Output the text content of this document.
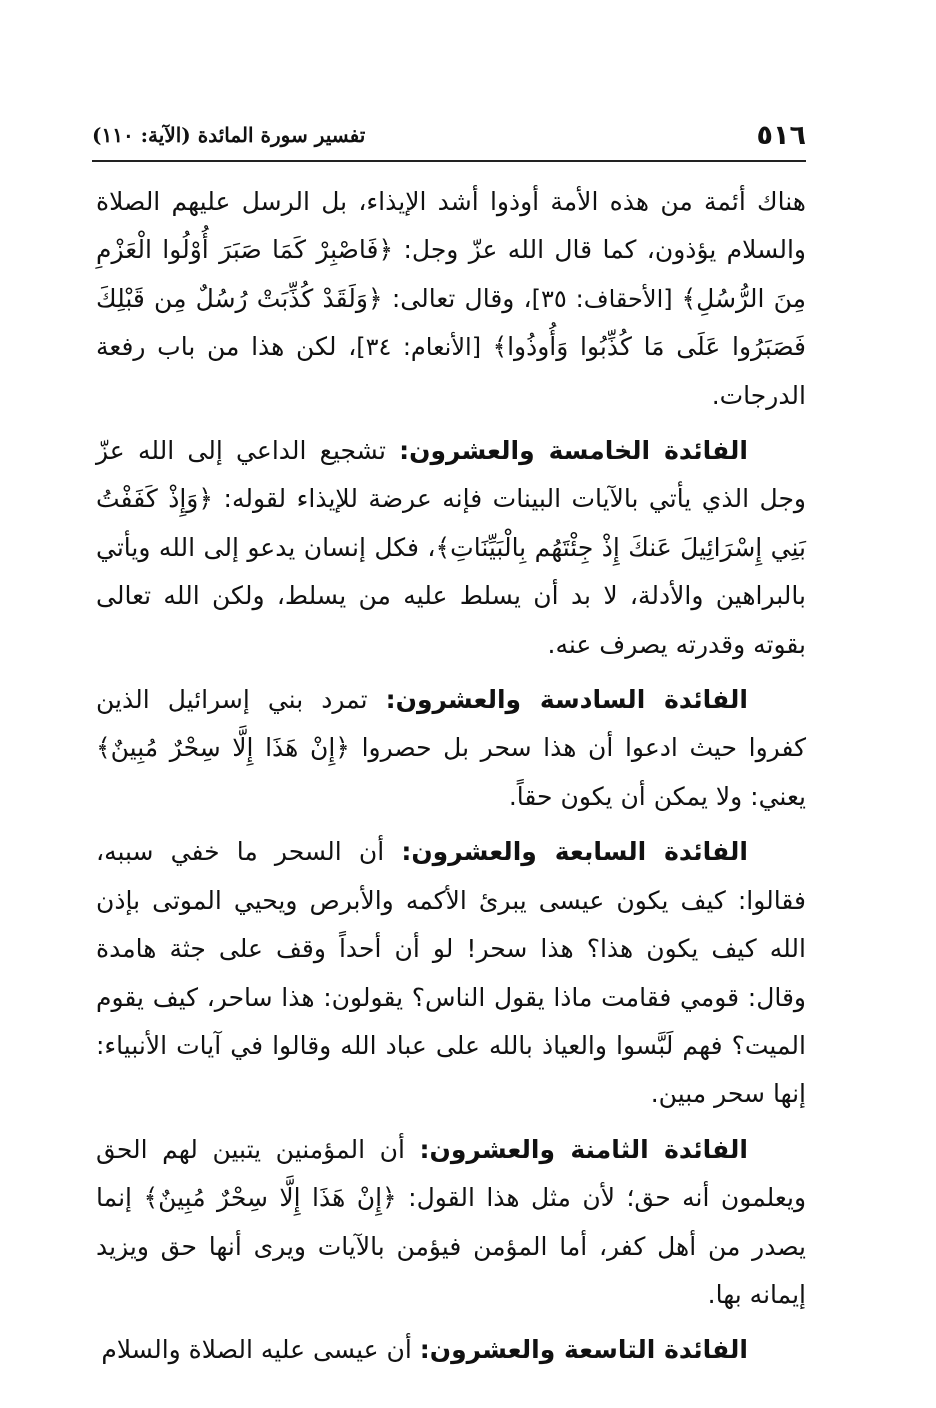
٥١٦
تفسير سورة المائدة (الآية: ١١٠)

هناك أئمة من هذه الأمة أوذوا أشد الإيذاء، بل الرسل عليهم الصلاة والسلام يؤذون، كما قال الله عزّ وجل: ﴿فَاصْبِرْ كَمَا صَبَرَ أُوْلُوا الْعَزْمِ مِنَ الرُّسُلِ﴾ [الأحقاف: ٣٥]، وقال تعالى: ﴿وَلَقَدْ كُذِّبَتْ رُسُلٌ مِن قَبْلِكَ فَصَبَرُوا عَلَى مَا كُذِّبُوا وَأُوذُوا﴾ [الأنعام: ٣٤]، لكن هذا من باب رفعة الدرجات.

الفائدة الخامسة والعشرون: تشجيع الداعي إلى الله عزّ وجل الذي يأتي بالآيات البينات فإنه عرضة للإيذاء لقوله: ﴿وَإِذْ كَفَفْتُ بَنِي إِسْرَائِيلَ عَنكَ إِذْ جِئْتَهُم بِالْبَيِّنَاتِ﴾، فكل إنسان يدعو إلى الله ويأتي بالبراهين والأدلة، لا بد أن يسلط عليه من يسلط، ولكن الله تعالى بقوته وقدرته يصرف عنه.

الفائدة السادسة والعشرون: تمرد بني إسرائيل الذين كفروا حيث ادعوا أن هذا سحر بل حصروا ﴿إِنْ هَذَا إِلَّا سِحْرٌ مُبِينٌ﴾ يعني: ولا يمكن أن يكون حقاً.

الفائدة السابعة والعشرون: أن السحر ما خفي سببه، فقالوا: كيف يكون عيسى يبرئ الأكمه والأبرص ويحيي الموتى بإذن الله كيف يكون هذا؟ هذا سحر! لو أن أحداً وقف على جثة هامدة وقال: قومي فقامت ماذا يقول الناس؟ يقولون: هذا ساحر، كيف يقوم الميت؟ فهم لَبَّسوا والعياذ بالله على عباد الله وقالوا في آيات الأنبياء: إنها سحر مبين.

الفائدة الثامنة والعشرون: أن المؤمنين يتبين لهم الحق ويعلمون أنه حق؛ لأن مثل هذا القول: ﴿إِنْ هَذَا إِلَّا سِحْرٌ مُبِينٌ﴾ إنما يصدر من أهل كفر، أما المؤمن فيؤمن بالآيات ويرى أنها حق ويزيد إيمانه بها.

الفائدة التاسعة والعشرون: أن عيسى عليه الصلاة والسلام
